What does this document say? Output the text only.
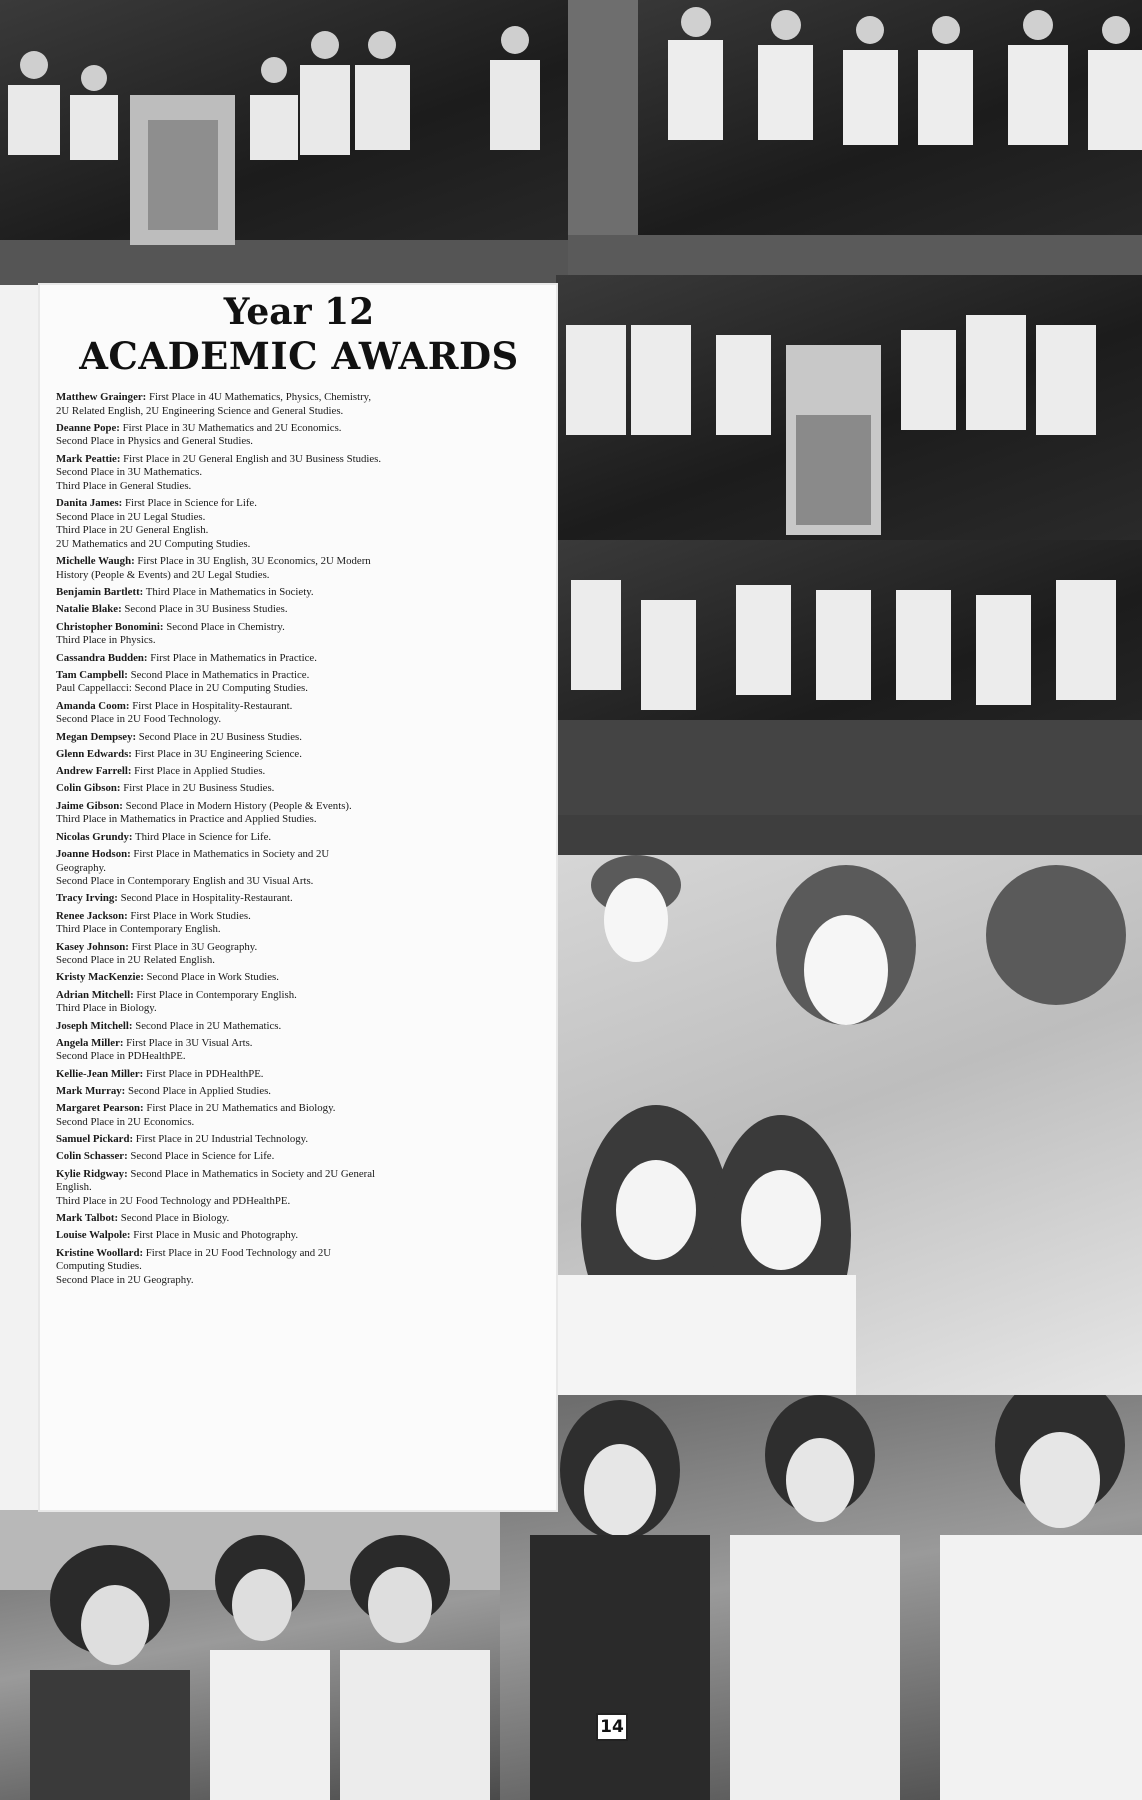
Year 12
ACADEMIC AWARDS

Matthew Grainger: First Place in 4U Mathematics, Physics, Chemistry,
2U Related English, 2U Engineering Science and General Studies.

Deanne Pope: First Place in 3U Mathematics and 2U Economics.
Second Place in Physics and General Studies.

Mark Peattie: First Place in 2U General English and 3U Business Studies.
Second Place in 3U Mathematics.
Third Place in General Studies.

Danita James: First Place in Science for Life.
Second Place in 2U Legal Studies.
Third Place in 2U General English.
2U Mathematics and 2U Computing Studies.

Michelle Waugh: First Place in 3U English, 3U Economics, 2U Modern
History (People & Events) and 2U Legal Studies.

Benjamin Bartlett: Third Place in Mathematics in Society.

Natalie Blake: Second Place in 3U Business Studies.

Christopher Bonomini: Second Place in Chemistry.
Third Place in Physics.

Cassandra Budden: First Place in Mathematics in Practice.

Tam Campbell: Second Place in Mathematics in Practice.
Paul Cappellacci: Second Place in 2U Computing Studies.

Amanda Coom: First Place in Hospitality-Restaurant.
Second Place in 2U Food Technology.

Megan Dempsey: Second Place in 2U Business Studies.

Glenn Edwards: First Place in 3U Engineering Science.

Andrew Farrell: First Place in Applied Studies.

Colin Gibson: First Place in 2U Business Studies.

Jaime Gibson: Second Place in Modern History (People & Events).
Third Place in Mathematics in Practice and Applied Studies.

Nicolas Grundy: Third Place in Science for Life.

Joanne Hodson: First Place in Mathematics in Society and 2U
Geography.
Second Place in Contemporary English and 3U Visual Arts.

Tracy Irving: Second Place in Hospitality-Restaurant.

Renee Jackson: First Place in Work Studies.
Third Place in Contemporary English.

Kasey Johnson: First Place in 3U Geography.
Second Place in 2U Related English.

Kristy MacKenzie: Second Place in Work Studies.

Adrian Mitchell: First Place in Contemporary English.
Third Place in Biology.

Joseph Mitchell: Second Place in 2U Mathematics.

Angela Miller: First Place in 3U Visual Arts.
Second Place in PDHealthPE.

Kellie-Jean Miller: First Place in PDHealthPE.

Mark Murray: Second Place in Applied Studies.

Margaret Pearson: First Place in 2U Mathematics and Biology.
Second Place in 2U Economics.

Samuel Pickard: First Place in 2U Industrial Technology.

Colin Schasser: Second Place in Science for Life.

Kylie Ridgway: Second Place in Mathematics in Society and 2U General
English.
Third Place in 2U Food Technology and PDHealthPE.

Mark Talbot: Second Place in Biology.

Louise Walpole: First Place in Music and Photography.

Kristine Woollard: First Place in 2U Food Technology and 2U
Computing Studies.
Second Place in 2U Geography.

14
